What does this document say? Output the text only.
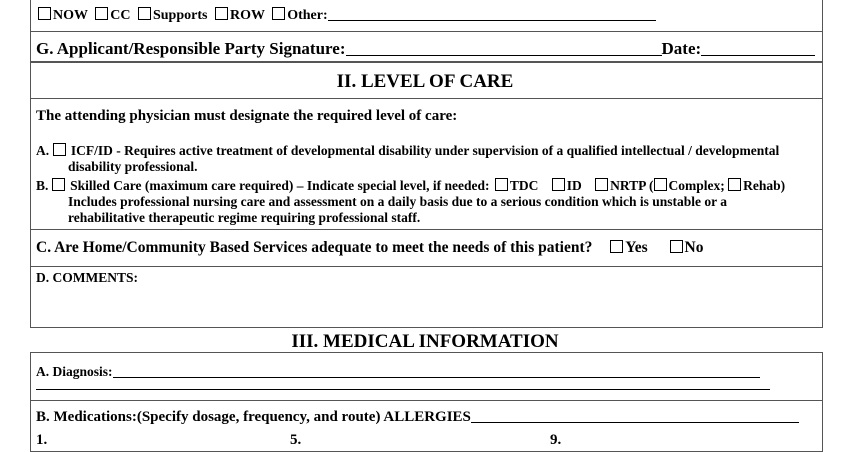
NOW CC Supports ROW Other:
G. Applicant/Responsible Party Signature:	Date:
II. LEVEL OF CARE
The attending physician must designate the required level of care:
A. ICF/ID - Requires active treatment of developmental disability under supervision of a qualified intellectual / developmental
disability professional.
B. Skilled Care (maximum care required) – Indicate special level, if needed: TDC ID NRTP ( Complex; Rehab)
Includes professional nursing care and assessment on a daily basis due to a serious condition which is unstable or a
rehabilitative therapeutic regime requiring professional staff.
C. Are Home/Community Based Services adequate to meet the needs of this patient? Yes No
D. COMMENTS:
III. MEDICAL INFORMATION
A. Diagnosis:
B. Medications:(Specify dosage, frequency, and route) ALLERGIES
1.	5.	9.
